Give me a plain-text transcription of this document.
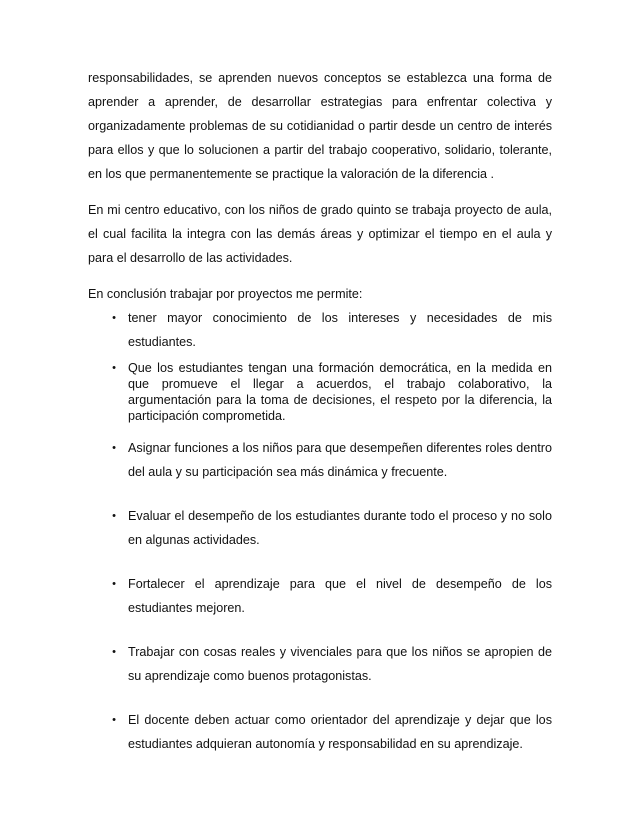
responsabilidades, se aprenden nuevos conceptos se establezca una forma de aprender a aprender, de desarrollar estrategias para enfrentar colectiva y organizadamente problemas de su cotidianidad o partir desde un centro de interés para ellos y que lo solucionen a partir del trabajo cooperativo, solidario, tolerante, en los que permanentemente se practique la valoración de la diferencia .

En mi centro educativo, con los niños de grado quinto se trabaja proyecto de aula, el cual facilita la integra con las demás áreas y optimizar el tiempo en el aula y para el desarrollo de las actividades.

En conclusión trabajar por proyectos me permite:

• tener mayor conocimiento de los intereses y necesidades de mis estudiantes.
• Que los estudiantes tengan una formación democrática, en la medida en que promueve el llegar a acuerdos, el trabajo colaborativo, la argumentación para la toma de decisiones, el respeto por la diferencia, la participación comprometida.
• Asignar funciones a los niños para que desempeñen diferentes roles dentro del aula y su participación sea más dinámica y frecuente.
• Evaluar el desempeño de los estudiantes durante todo el proceso y no solo en algunas actividades.
• Fortalecer el aprendizaje para que el nivel de desempeño de los estudiantes mejoren.
• Trabajar con cosas reales y vivenciales para que los niños se apropien de su aprendizaje como buenos protagonistas.
• El docente deben actuar como orientador del aprendizaje y dejar que los estudiantes adquieran autonomía y responsabilidad en su aprendizaje.
